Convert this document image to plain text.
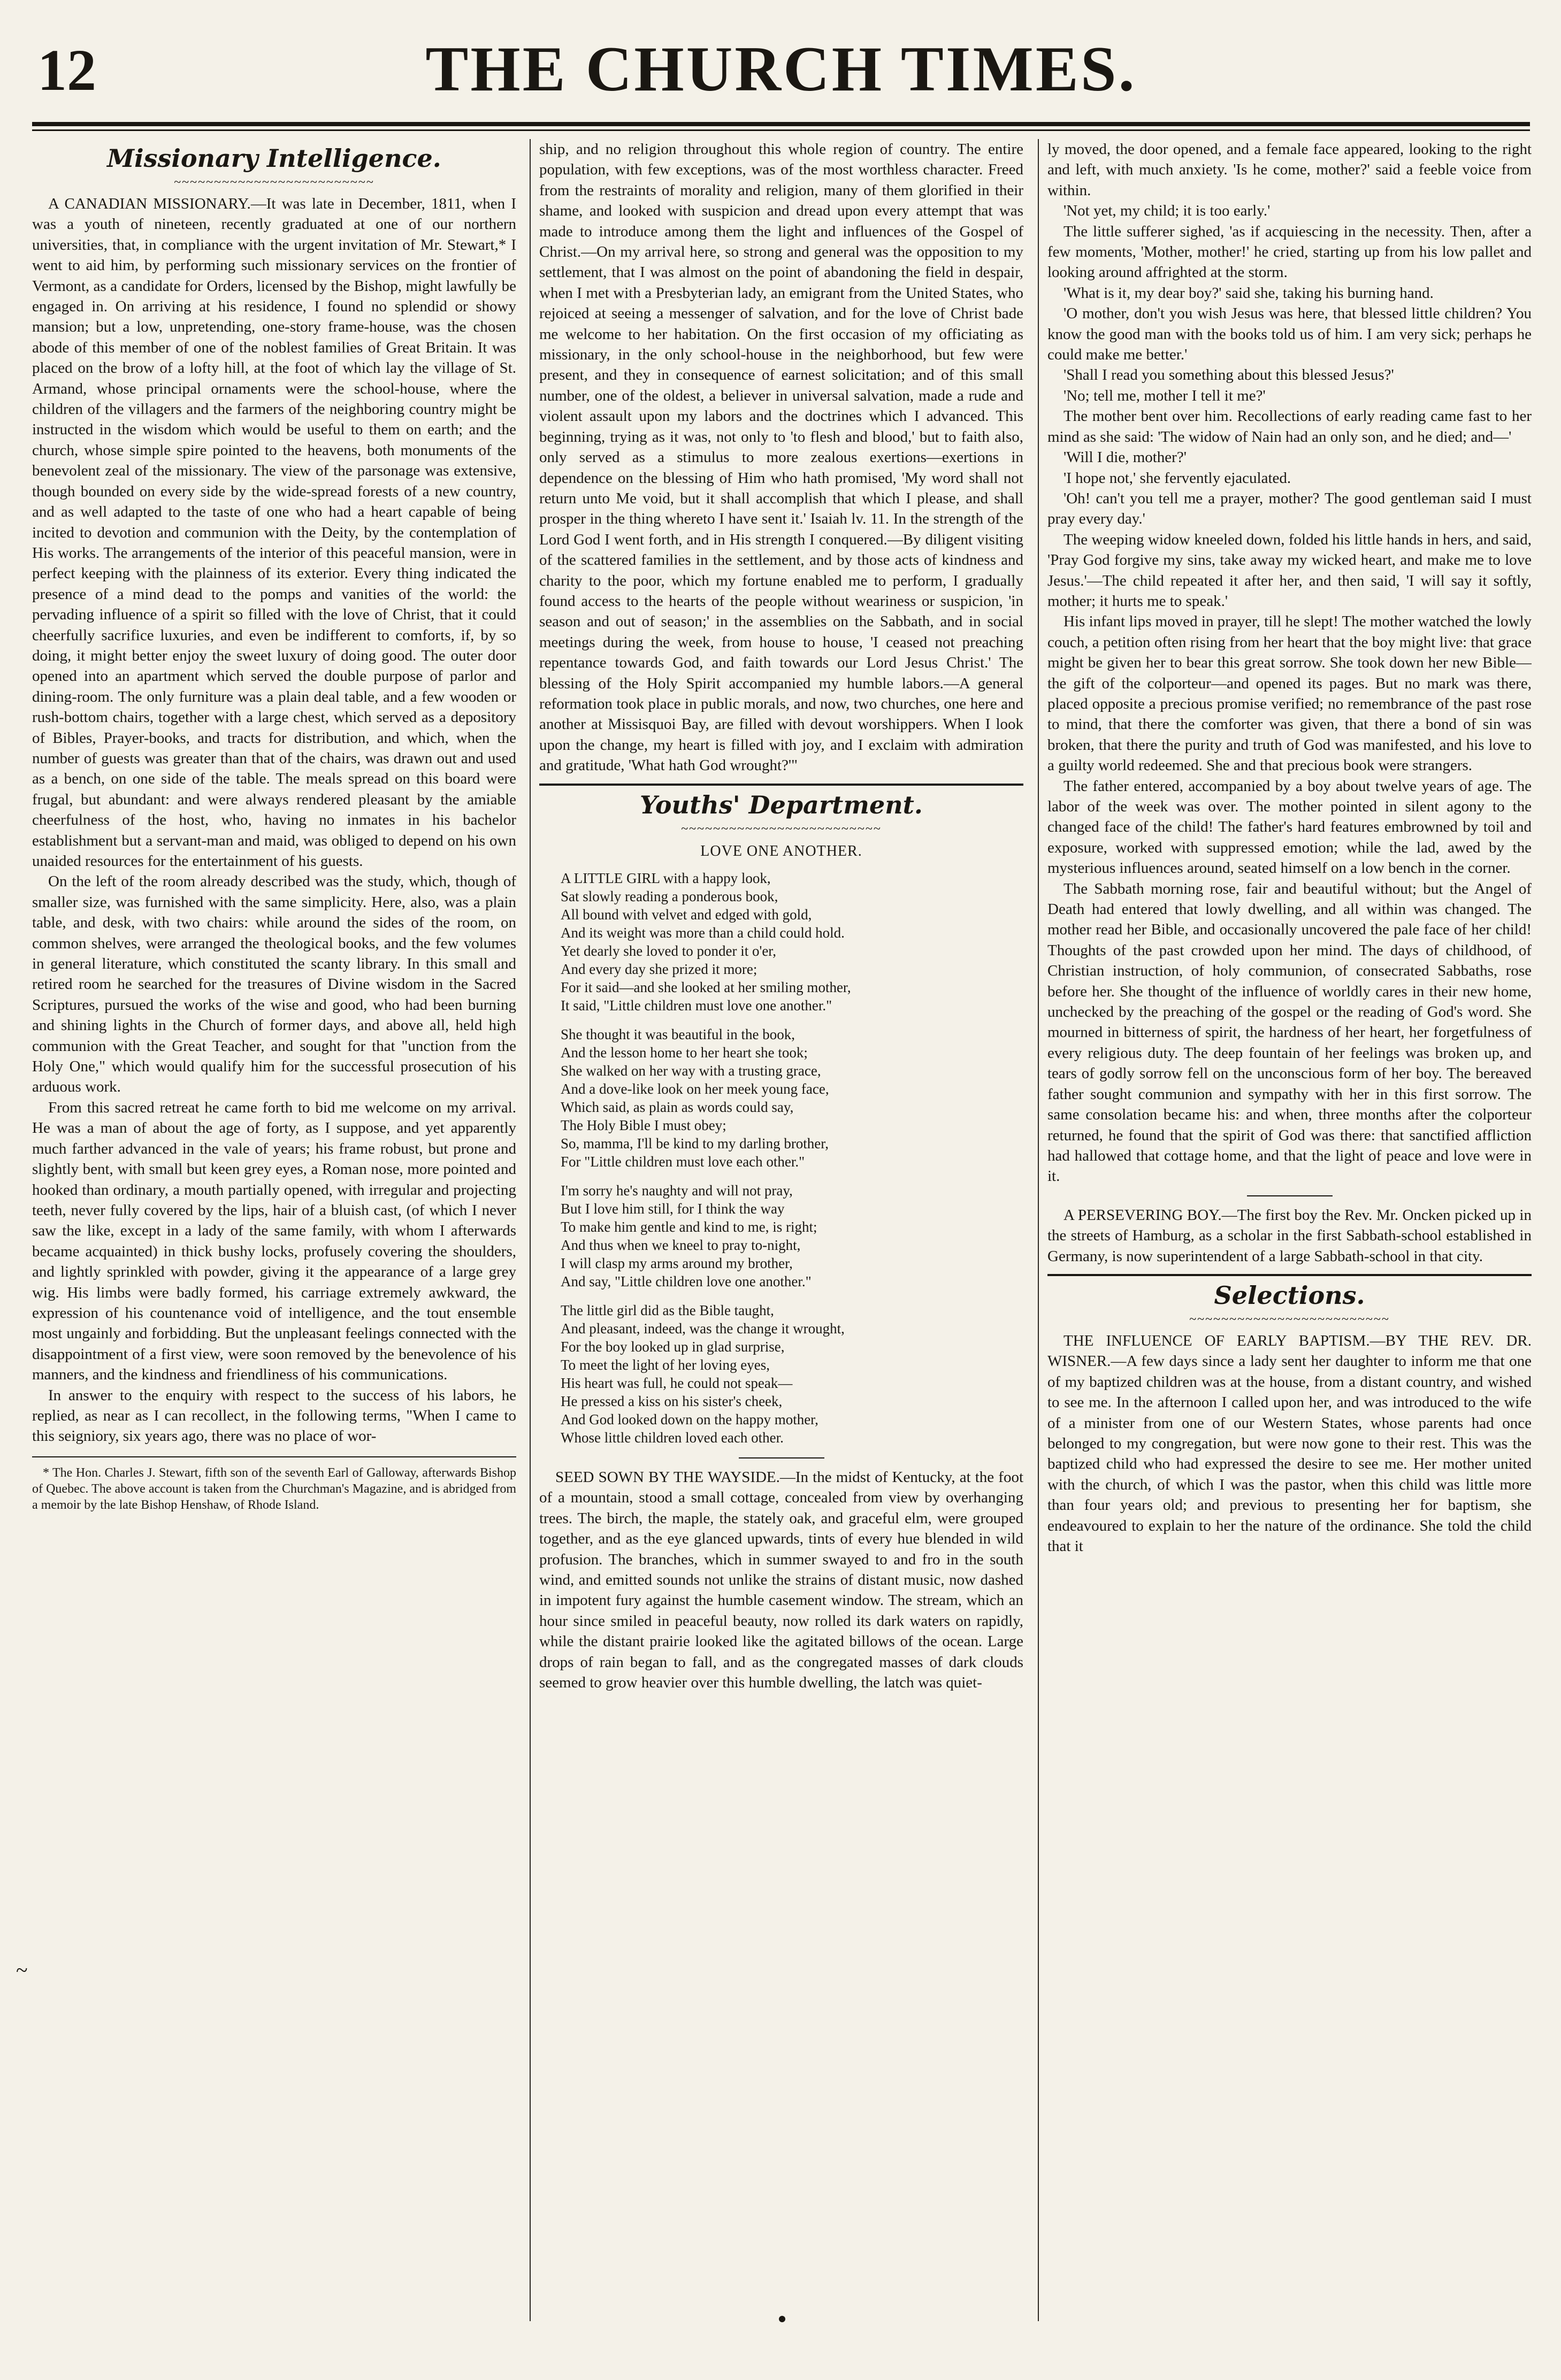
12	THE CHURCH TIMES.
Missionary Intelligence.
~~~~~~~~~~~~~~~~~~~~~~~~~

A CANADIAN MISSIONARY.—It was late in December, 1811, when I was a youth of nineteen, recently graduated at one of our northern universities, that, in compliance with the urgent invitation of Mr. Stewart,* I went to aid him, by performing such missionary services on the frontier of Vermont, as a candidate for Orders, licensed by the Bishop, might lawfully be engaged in. On arriving at his residence, I found no splendid or showy mansion; but a low, unpretending, one-story frame-house, was the chosen abode of this member of one of the noblest families of Great Britain. It was placed on the brow of a lofty hill, at the foot of which lay the village of St. Armand, whose principal ornaments were the school-house, where the children of the villagers and the farmers of the neighboring country might be instructed in the wisdom which would be useful to them on earth; and the church, whose simple spire pointed to the heavens, both monuments of the benevolent zeal of the missionary. The view of the parsonage was extensive, though bounded on every side by the wide-spread forests of a new country, and as well adapted to the taste of one who had a heart capable of being incited to devotion and communion with the Deity, by the contemplation of His works. The arrangements of the interior of this peaceful mansion, were in perfect keeping with the plainness of its exterior. Every thing indicated the presence of a mind dead to the pomps and vanities of the world: the pervading influence of a spirit so filled with the love of Christ, that it could cheerfully sacrifice luxuries, and even be indifferent to comforts, if, by so doing, it might better enjoy the sweet luxury of doing good. The outer door opened into an apartment which served the double purpose of parlor and dining-room. The only furniture was a plain deal table, and a few wooden or rush-bottom chairs, together with a large chest, which served as a depository of Bibles, Prayer-books, and tracts for distribution, and which, when the number of guests was greater than that of the chairs, was drawn out and used as a bench, on one side of the table. The meals spread on this board were frugal, but abundant: and were always rendered pleasant by the amiable cheerfulness of the host, who, having no inmates in his bachelor establishment but a servant-man and maid, was obliged to depend on his own unaided resources for the entertainment of his guests.

On the left of the room already described was the study, which, though of smaller size, was furnished with the same simplicity. Here, also, was a plain table, and desk, with two chairs: while around the sides of the room, on common shelves, were arranged the theological books, and the few volumes in general literature, which constituted the scanty library. In this small and retired room he searched for the treasures of Divine wisdom in the Sacred Scriptures, pursued the works of the wise and good, who had been burning and shining lights in the Church of former days, and above all, held high communion with the Great Teacher, and sought for that "unction from the Holy One," which would qualify him for the successful prosecution of his arduous work.

From this sacred retreat he came forth to bid me welcome on my arrival. He was a man of about the age of forty, as I suppose, and yet apparently much farther advanced in the vale of years; his frame robust, but prone and slightly bent, with small but keen grey eyes, a Roman nose, more pointed and hooked than ordinary, a mouth partially opened, with irregular and projecting teeth, never fully covered by the lips, hair of a bluish cast, (of which I never saw the like, except in a lady of the same family, with whom I afterwards became acquainted) in thick bushy locks, profusely covering the shoulders, and lightly sprinkled with powder, giving it the appearance of a large grey wig. His limbs were badly formed, his carriage extremely awkward, the expression of his countenance void of intelligence, and the tout ensemble most ungainly and forbidding. But the unpleasant feelings connected with the disappointment of a first view, were soon removed by the benevolence of his manners, and the kindness and friendliness of his communications.

In answer to the enquiry with respect to the success of his labors, he replied, as near as I can recollect, in the following terms, "When I came to this seigniory, six years ago, there was no place of wor-

* The Hon. Charles J. Stewart, fifth son of the seventh Earl of Galloway, afterwards Bishop of Quebec. The above account is taken from the Churchman's Magazine, and is abridged from a memoir by the late Bishop Henshaw, of Rhode Island.

ship, and no religion throughout this whole region of country. The entire population, with few exceptions, was of the most worthless character. Freed from the restraints of morality and religion, many of them glorified in their shame, and looked with suspicion and dread upon every attempt that was made to introduce among them the light and influences of the Gospel of Christ.—On my arrival here, so strong and general was the opposition to my settlement, that I was almost on the point of abandoning the field in despair, when I met with a Presbyterian lady, an emigrant from the United States, who rejoiced at seeing a messenger of salvation, and for the love of Christ bade me welcome to her habitation. On the first occasion of my officiating as missionary, in the only school-house in the neighborhood, but few were present, and they in consequence of earnest solicitation; and of this small number, one of the oldest, a believer in universal salvation, made a rude and violent assault upon my labors and the doctrines which I advanced. This beginning, trying as it was, not only to 'to flesh and blood,' but to faith also, only served as a stimulus to more zealous exertions—exertions in dependence on the blessing of Him who hath promised, 'My word shall not return unto Me void, but it shall accomplish that which I please, and shall prosper in the thing whereto I have sent it.' Isaiah lv. 11. In the strength of the Lord God I went forth, and in His strength I conquered.—By diligent visiting of the scattered families in the settlement, and by those acts of kindness and charity to the poor, which my fortune enabled me to perform, I gradually found access to the hearts of the people without weariness or suspicion, 'in season and out of season;' in the assemblies on the Sabbath, and in social meetings during the week, from house to house, 'I ceased not preaching repentance towards God, and faith towards our Lord Jesus Christ.' The blessing of the Holy Spirit accompanied my humble labors.—A general reformation took place in public morals, and now, two churches, one here and another at Missisquoi Bay, are filled with devout worshippers. When I look upon the change, my heart is filled with joy, and I exclaim with admiration and gratitude, 'What hath God wrought?'"

Youths' Department.
~~~~~~~~~~~~~~~~~~~~~~~~~
LOVE ONE ANOTHER.
A LITTLE GIRL with a happy look,
Sat slowly reading a ponderous book,
All bound with velvet and edged with gold,
And its weight was more than a child could hold.
Yet dearly she loved to ponder it o'er,
And every day she prized it more;
For it said—and she looked at her smiling mother,
It said, "Little children must love one another."
She thought it was beautiful in the book,
And the lesson home to her heart she took;
She walked on her way with a trusting grace,
And a dove-like look on her meek young face,
Which said, as plain as words could say,
The Holy Bible I must obey;
So, mamma, I'll be kind to my darling brother,
For "Little children must love each other."
I'm sorry he's naughty and will not pray,
But I love him still, for I think the way
To make him gentle and kind to me, is right;
And thus when we kneel to pray to-night,
I will clasp my arms around my brother,
And say, "Little children love one another."
The little girl did as the Bible taught,
And pleasant, indeed, was the change it wrought,
For the boy looked up in glad surprise,
To meet the light of her loving eyes,
His heart was full, he could not speak—
He pressed a kiss on his sister's cheek,
And God looked down on the happy mother,
Whose little children loved each other.

SEED SOWN BY THE WAYSIDE.—In the midst of Kentucky, at the foot of a mountain, stood a small cottage, concealed from view by overhanging trees. The birch, the maple, the stately oak, and graceful elm, were grouped together, and as the eye glanced upwards, tints of every hue blended in wild profusion. The branches, which in summer swayed to and fro in the south wind, and emitted sounds not unlike the strains of distant music, now dashed in impotent fury against the humble casement window. The stream, which an hour since smiled in peaceful beauty, now rolled its dark waters on rapidly, while the distant prairie looked like the agitated billows of the ocean. Large drops of rain began to fall, and as the congregated masses of dark clouds seemed to grow heavier over this humble dwelling, the latch was quiet-

ly moved, the door opened, and a female face appeared, looking to the right and left, with much anxiety. 'Is he come, mother?' said a feeble voice from within.

'Not yet, my child; it is too early.'

The little sufferer sighed, 'as if acquiescing in the necessity. Then, after a few moments, 'Mother, mother!' he cried, starting up from his low pallet and looking around affrighted at the storm.

'What is it, my dear boy?' said she, taking his burning hand.

'O mother, don't you wish Jesus was here, that blessed little children? You know the good man with the books told us of him. I am very sick; perhaps he could make me better.'

'Shall I read you something about this blessed Jesus?'

'No; tell me, mother I tell it me?'

The mother bent over him. Recollections of early reading came fast to her mind as she said: 'The widow of Nain had an only son, and he died; and—'

'Will I die, mother?'

'I hope not,' she fervently ejaculated.

'Oh! can't you tell me a prayer, mother? The good gentleman said I must pray every day.'

The weeping widow kneeled down, folded his little hands in hers, and said, 'Pray God forgive my sins, take away my wicked heart, and make me to love Jesus.'—The child repeated it after her, and then said, 'I will say it softly, mother; it hurts me to speak.'

His infant lips moved in prayer, till he slept! The mother watched the lowly couch, a petition often rising from her heart that the boy might live: that grace might be given her to bear this great sorrow. She took down her new Bible—the gift of the colporteur—and opened its pages. But no mark was there, placed opposite a precious promise verified; no remembrance of the past rose to mind, that there the comforter was given, that there a bond of sin was broken, that there the purity and truth of God was manifested, and his love to a guilty world redeemed. She and that precious book were strangers.

The father entered, accompanied by a boy about twelve years of age. The labor of the week was over. The mother pointed in silent agony to the changed face of the child! The father's hard features embrowned by toil and exposure, worked with suppressed emotion; while the lad, awed by the mysterious influences around, seated himself on a low bench in the corner.

The Sabbath morning rose, fair and beautiful without; but the Angel of Death had entered that lowly dwelling, and all within was changed. The mother read her Bible, and occasionally uncovered the pale face of her child! Thoughts of the past crowded upon her mind. The days of childhood, of Christian instruction, of holy communion, of consecrated Sabbaths, rose before her. She thought of the influence of worldly cares in their new home, unchecked by the preaching of the gospel or the reading of God's word. She mourned in bitterness of spirit, the hardness of her heart, her forgetfulness of every religious duty. The deep fountain of her feelings was broken up, and tears of godly sorrow fell on the unconscious form of her boy. The bereaved father sought communion and sympathy with her in this first sorrow. The same consolation became his: and when, three months after the colporteur returned, he found that the spirit of God was there: that sanctified affliction had hallowed that cottage home, and that the light of peace and love were in it.

A PERSEVERING BOY.—The first boy the Rev. Mr. Oncken picked up in the streets of Hamburg, as a scholar in the first Sabbath-school established in Germany, is now superintendent of a large Sabbath-school in that city.

Selections.
~~~~~~~~~~~~~~~~~~~~~~~~~

THE INFLUENCE OF EARLY BAPTISM.—BY THE REV. DR. WISNER.—A few days since a lady sent her daughter to inform me that one of my baptized children was at the house, from a distant country, and wished to see me. In the afternoon I called upon her, and was introduced to the wife of a minister from one of our Western States, whose parents had once belonged to my congregation, but were now gone to their rest. This was the baptized child who had expressed the desire to see me. Her mother united with the church, of which I was the pastor, when this child was little more than four years old; and previous to presenting her for baptism, she endeavoured to explain to her the nature of the ordinance. She told the child that it

~
